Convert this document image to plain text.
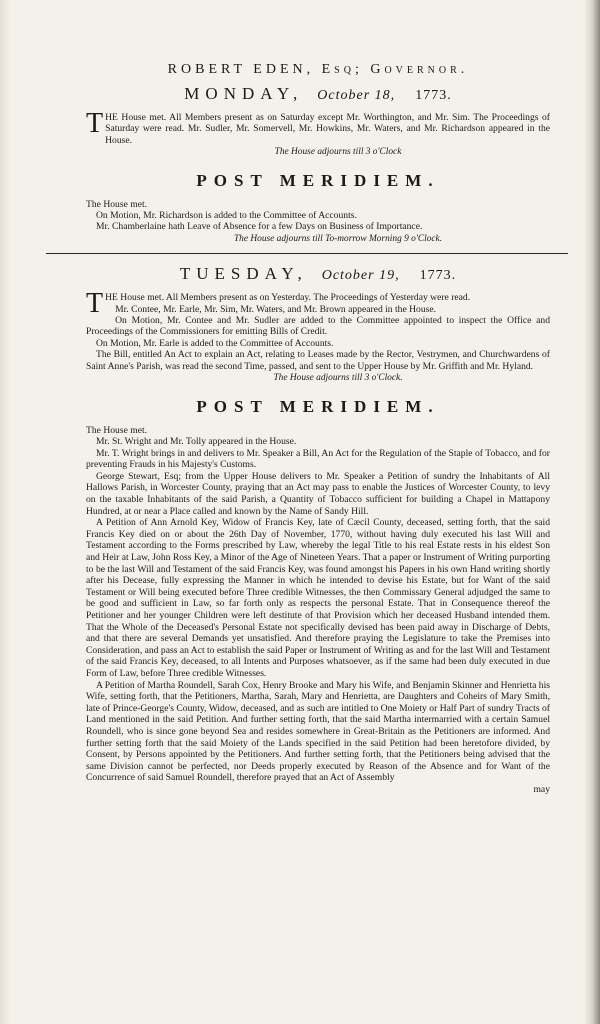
ROBERT EDEN, Esq; Governor.
MONDAY, October 18, 1773.

THE House met. All Members present as on Saturday except Mr. Worthington, and Mr. Sim. The Proceedings of Saturday were read. Mr. Sudler, Mr. Somervell, Mr. Howkins, Mr. Waters, and Mr. Richardson appeared in the House.

The House adjourns till 3 o'Clock

POST MERIDIEM.

The House met.

On Motion, Mr. Richardson is added to the Committee of Accounts.

Mr. Chamberlaine hath Leave of Absence for a few Days on Business of Importance.

The House adjourns till To-morrow Morning 9 o'Clock.

TUESDAY, October 19, 1773.

THE House met. All Members present as on Yesterday. The Proceedings of Yesterday were read.

Mr. Contee, Mr. Earle, Mr. Sim, Mr. Waters, and Mr. Brown appeared in the House.

On Motion, Mr. Contee and Mr. Sudler are added to the Committee appointed to inspect the Office and Proceedings of the Commissioners for emitting Bills of Credit.

On Motion, Mr. Earle is added to the Committee of Accounts.

The Bill, entitled An Act to explain an Act, relating to Leases made by the Rector, Vestrymen, and Churchwardens of Saint Anne's Parish, was read the second Time, passed, and sent to the Upper House by Mr. Griffith and Mr. Hyland.

The House adjourns till 3 o'Clock.

POST MERIDIEM.

The House met.

Mr. St. Wright and Mr. Tolly appeared in the House.

Mr. T. Wright brings in and delivers to Mr. Speaker a Bill, An Act for the Regulation of the Staple of Tobacco, and for preventing Frauds in his Majesty's Customs.

George Stewart, Esq; from the Upper House delivers to Mr. Speaker a Petition of sundry the Inhabitants of All Hallows Parish, in Worcester County, praying that an Act may pass to enable the Justices of Worcester County, to levy on the taxable Inhabitants of the said Parish, a Quantity of Tobacco sufficient for building a Chapel in Mattapony Hundred, at or near a Place called and known by the Name of Sandy Hill.

A Petition of Ann Arnold Key, Widow of Francis Key, late of Cæcil County, deceased, setting forth, that the said Francis Key died on or about the 26th Day of November, 1770, without having duly executed his last Will and Testament according to the Forms prescribed by Law, whereby the legal Title to his real Estate rests in his eldest Son and Heir at Law, John Ross Key, a Minor of the Age of Nineteen Years. That a paper or Instrument of Writing purporting to be the last Will and Testament of the said Francis Key, was found amongst his Papers in his own Hand writing shortly after his Decease, fully expressing the Manner in which he intended to devise his Estate, but for Want of the said Testament or Will being executed before Three credible Witnesses, the then Commissary General adjudged the same to be good and sufficient in Law, so far forth only as respects the personal Estate. That in Consequence thereof the Petitioner and her younger Children were left destitute of that Provision which her deceased Husband intended them. That the Whole of the Deceased's Personal Estate not specifically devised has been paid away in Discharge of Debts, and that there are several Demands yet unsatisfied. And therefore praying the Legislature to take the Premises into Consideration, and pass an Act to establish the said Paper or Instrument of Writing as and for the last Will and Testament of the said Francis Key, deceased, to all Intents and Purposes whatsoever, as if the same had been duly executed in due Form of Law, before Three credible Witnesses.

A Petition of Martha Roundell, Sarah Cox, Henry Brooke and Mary his Wife, and Benjamin Skinner and Henrietta his Wife, setting forth, that the Petitioners, Martha, Sarah, Mary and Henrietta, are Daughters and Coheirs of Mary Smith, late of Prince-George's County, Widow, deceased, and as such are intitled to One Moiety or Half Part of sundry Tracts of Land mentioned in the said Petition. And further setting forth, that the said Martha intermarried with a certain Samuel Roundell, who is since gone beyond Sea and resides somewhere in Great-Britain as the Petitioners are informed. And further setting forth that the said Moiety of the Lands specified in the said Petition had been heretofore divided, by Consent, by Persons appointed by the Petitioners. And further setting forth, that the Petitioners being advised that the same Division cannot be perfected, nor Deeds properly executed by Reason of the Absence and for Want of the Concurrence of said Samuel Roundell, therefore prayed that an Act of Assembly

may
